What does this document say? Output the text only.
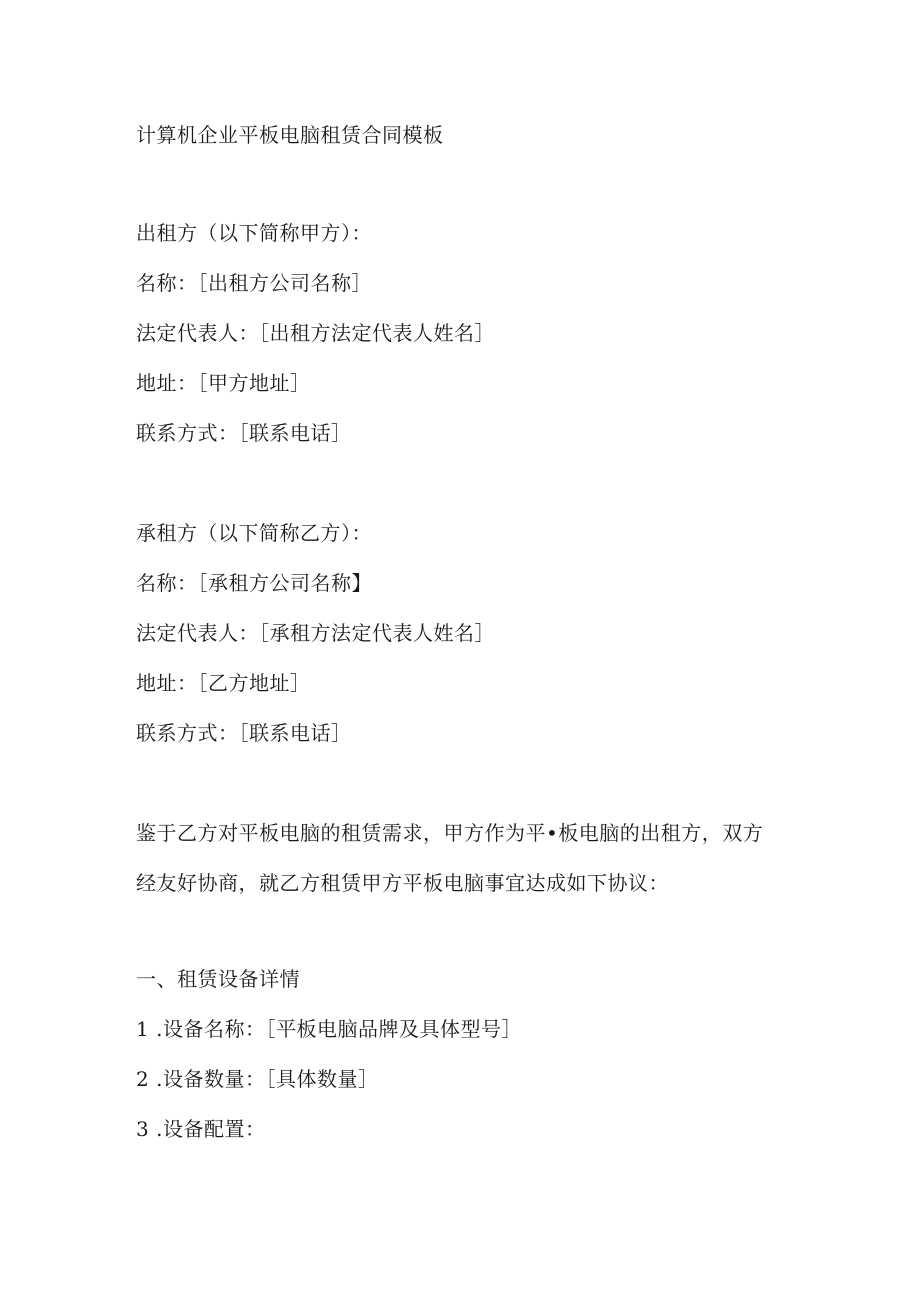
计算机企业平板电脑租赁合同模板
出租方（以下简称甲方）：
名称：［出租方公司名称］
法定代表人：［出租方法定代表人姓名］
地址：［甲方地址］
联系方式：［联系电话］
承租方（以下简称乙方）：
名称：［承租方公司名称】
法定代表人：［承租方法定代表人姓名］
地址：［乙方地址］
联系方式：［联系电话］
鉴于乙方对平板电脑的租赁需求，甲方作为平•板电脑的出租方，双方
经友好协商，就乙方租赁甲方平板电脑事宜达成如下协议：
一、租赁设备详情
1 .设备名称：［平板电脑品牌及具体型号］
2 .设备数量：［具体数量］
3 .设备配置：
